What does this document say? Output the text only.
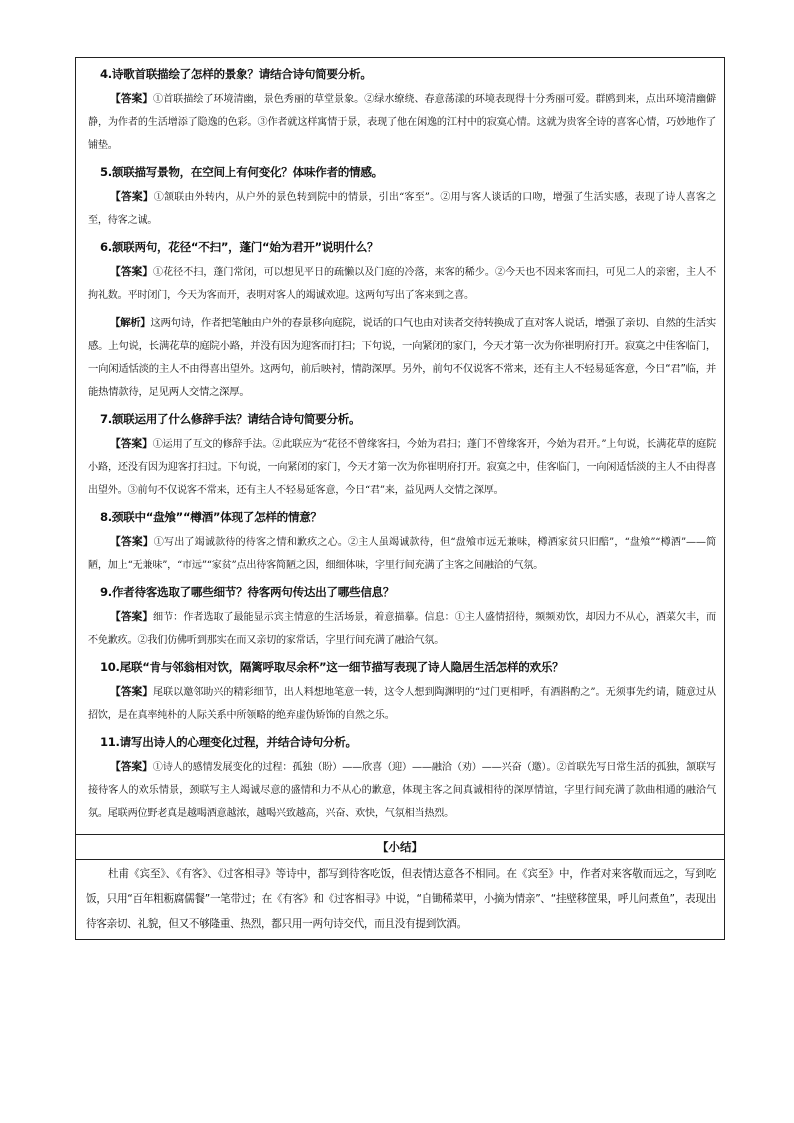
4.诗歌首联描绘了怎样的景象？请结合诗句简要分析。
【答案】①首联描绘了环境清幽，景色秀丽的草堂景象。②绿水缭绕、春意荡漾的环境表现得十分秀丽可爱。群鸥到来，点出环境清幽僻静，为作者的生活增添了隐逸的色彩。③作者就这样寓情于景，表现了他在闲逸的江村中的寂寞心情。这就为贵客全诗的喜客心情，巧妙地作了铺垫。
5.颔联描写景物，在空间上有何变化？体味作者的情感。
【答案】①颔联由外转内，从户外的景色转到院中的情景，引出“客至”。②用与客人谈话的口吻，增强了生活实感，表现了诗人喜客之至，待客之诚。
6.颔联两句，花径“不扫”，蓬门“始为君开”说明什么？
【答案】①花径不扫，蓬门常闭，可以想见平日的疏懒以及门庭的冷落，来客的稀少。②今天也不因来客而扫，可见二人的亲密，主人不拘礼数。平时闭门，今天为客而开，表明对客人的竭诚欢迎。这两句写出了客来到之喜。
【解析】这两句诗，作者把笔触由户外的春景移向庭院，说话的口气也由对读者交待转换成了直对客人说话，增强了亲切、自然的生活实感。上句说，长满花草的庭院小路，并没有因为迎客而打扫；下句说，一向紧闭的家门，今天才第一次为你崔明府打开。寂寞之中佳客临门，一向闲适恬淡的主人不由得喜出望外。这两句，前后映衬，情韵深厚。另外，前句不仅说客不常来，还有主人不轻易延客意，今日“君”临，并能热情款待，足见两人交情之深厚。
7.颔联运用了什么修辞手法？请结合诗句简要分析。
【答案】①运用了互文的修辞手法。②此联应为“花径不曾缘客扫，今始为君扫；蓬门不曾缘客开，今始为君开。”上句说，长满花草的庭院小路，还没有因为迎客打扫过。下句说，一向紧闭的家门，今天才第一次为你崔明府打开。寂寞之中，佳客临门，一向闲适恬淡的主人不由得喜出望外。③前句不仅说客不常来，还有主人不轻易延客意，今日“君”来，益见两人交情之深厚。
8.颈联中“盘飧”“樽酒”体现了怎样的情意？
【答案】①写出了竭诚款待的待客之情和歉疚之心。②主人虽竭诚款待，但“盘飧市远无兼味，樽酒家贫只旧醅”，“盘飧”“樽酒”——简陋，加上“无兼味”，“市远”“家贫”点出待客简陋之因，细细体味，字里行间充满了主客之间融洽的气氛。
9.作者待客选取了哪些细节？待客两句传达出了哪些信息？
【答案】细节：作者选取了最能显示宾主情意的生活场景，着意描摹。信息：①主人盛情招待，频频劝饮，却因力不从心，酒菜欠丰，而不免歉疚。②我们仿佛听到那实在而又亲切的家常话，字里行间充满了融洽气氛。
10.尾联“肯与邻翁相对饮，隔篱呼取尽余杯”这一细节描写表现了诗人隐居生活怎样的欢乐？
【答案】尾联以邀邻助兴的精彩细节，出人料想地笔意一转，这令人想到陶渊明的“过门更相呼，有酒斟酌之”。无须事先约请，随意过从招饮，是在真率纯朴的人际关系中所领略的绝弃虚伪矫饰的自然之乐。
11.请写出诗人的心理变化过程，并结合诗句分析。
【答案】①诗人的感情发展变化的过程：孤独（盼）——欣喜（迎）——融洽（劝）——兴奋（邀）。②首联先写日常生活的孤独，颔联写接待客人的欢乐情景，颈联写主人竭诚尽意的盛情和力不从心的歉意，体现主客之间真诚相待的深厚情谊，字里行间充满了款曲相通的融洽气氛。尾联两位野老真是越喝酒意越浓，越喝兴致越高，兴奋、欢快，气氛相当热烈。
【小结】
杜甫《宾至》、《有客》、《过客相寻》等诗中，都写到待客吃饭，但表情达意各不相同。在《宾至》中，作者对来客敬而远之，写到吃饭，只用“百年粗粝腐儒餐”一笔带过；在《有客》和《过客相寻》中说，“自锄稀菜甲，小摘为情亲”、“挂壁移筐果，呼儿问煮鱼”，表现出待客亲切、礼貌，但又不够隆重、热烈，都只用一两句诗交代，而且没有提到饮酒。
